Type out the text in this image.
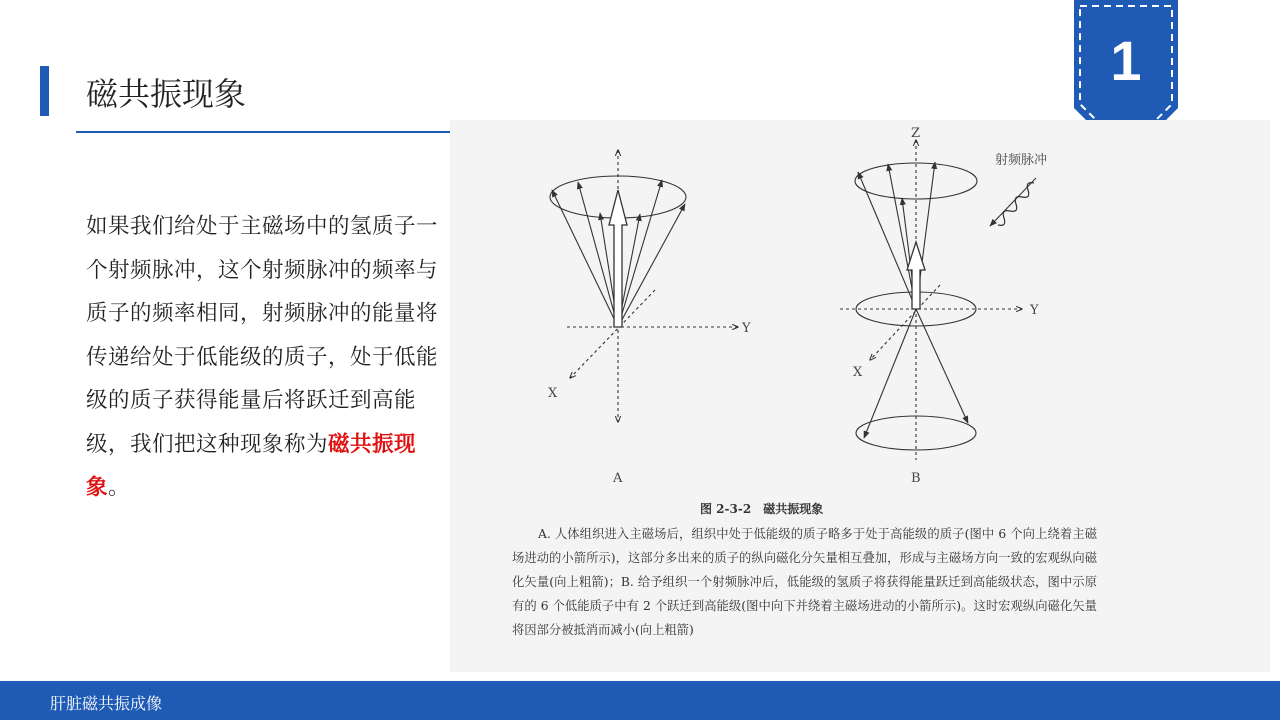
磁共振现象
1
如果我们给处于主磁场中的氢质子一个射频脉冲，这个射频脉冲的频率与质子的频率相同，射频脉冲的能量将传递给处于低能级的质子，处于低能级的质子获得能量后将跃迁到高能级，我们把这种现象称为磁共振现象。
Y
X
A
Z
Y
X
射频脉冲
B
图 2-3-2　磁共振现象

A. 人体组织进入主磁场后，组织中处于低能级的质子略多于处于高能级的质子(图中 6 个向上绕着主磁场进动的小箭所示)，这部分多出来的质子的纵向磁化分矢量相互叠加，形成与主磁场方向一致的宏观纵向磁化矢量(向上粗箭)；B. 给予组织一个射频脉冲后，低能级的氢质子将获得能量跃迁到高能级状态，图中示原有的 6 个低能质子中有 2 个跃迁到高能级(图中向下并绕着主磁场进动的小箭所示)。这时宏观纵向磁化矢量将因部分被抵消而减小(向上粗箭)

肝脏磁共振成像
